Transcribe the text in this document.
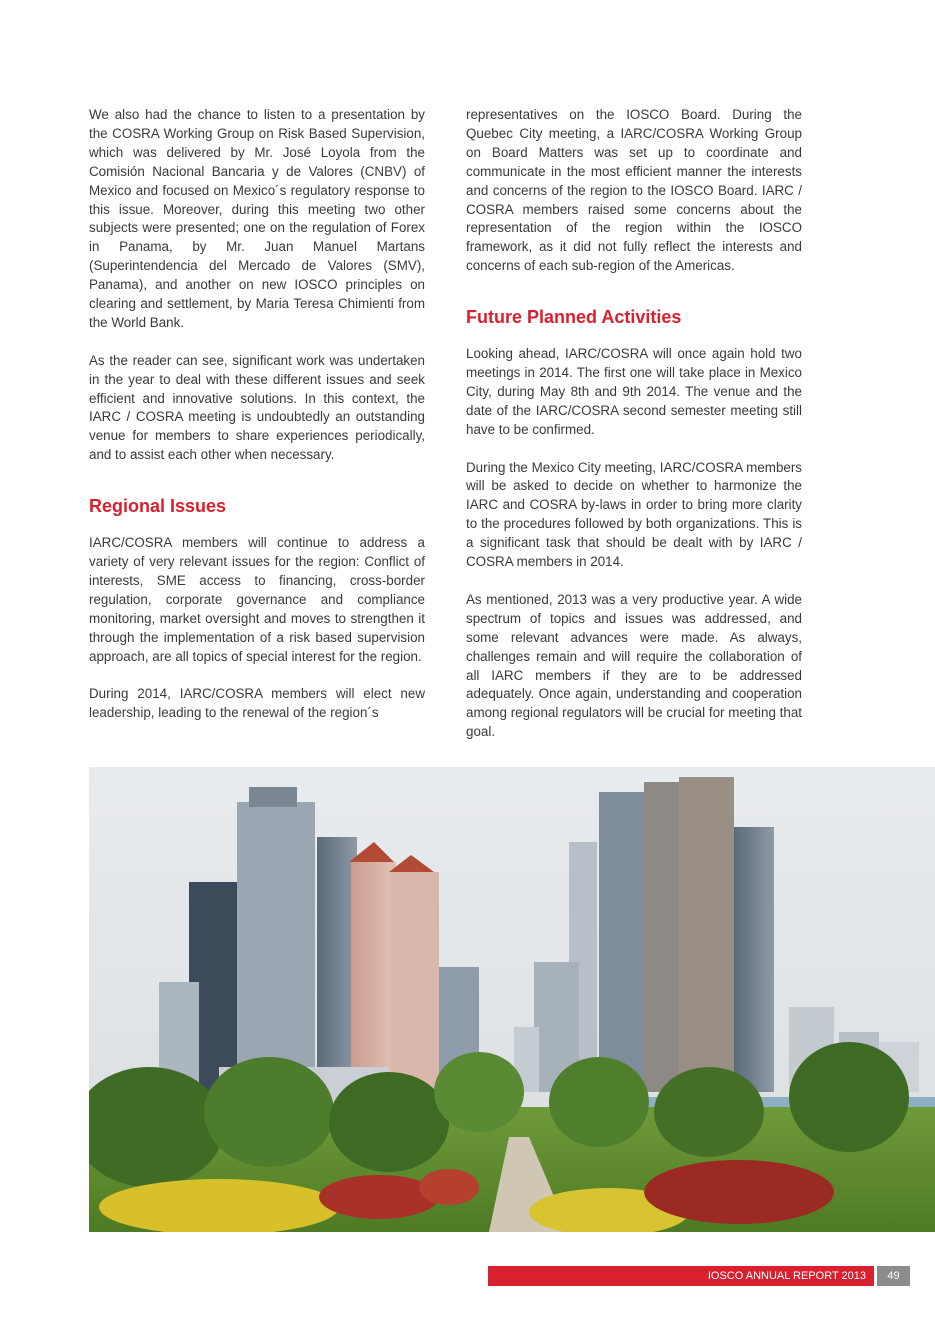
We also had the chance to listen to a presentation by the COSRA Working Group on Risk Based Supervision, which was delivered by Mr. José Loyola from the Comisión Nacional Bancaria y de Valores (CNBV) of Mexico and focused on Mexico´s regulatory response to this issue. Moreover, during this meeting two other subjects were presented; one on the regulation of Forex in Panama, by Mr. Juan Manuel Martans (Superintendencia del Mercado de Valores (SMV), Panama), and another on new IOSCO principles on clearing and settlement, by Maria Teresa Chimienti from the World Bank.

As the reader can see, significant work was undertaken in the year to deal with these different issues and seek efficient and innovative solutions. In this context, the IARC / COSRA meeting is undoubtedly an outstanding venue for members to share experiences periodically, and to assist each other when necessary.

Regional Issues

IARC/COSRA members will continue to address a variety of very relevant issues for the region: Conflict of interests, SME access to financing, cross-border regulation, corporate governance and compliance monitoring, market oversight and moves to strengthen it through the implementation of a risk based supervision approach, are all topics of special interest for the region.

During 2014, IARC/COSRA members will elect new leadership, leading to the renewal of the region´s

representatives on the IOSCO Board. During the Quebec City meeting, a IARC/COSRA Working Group on Board Matters was set up to coordinate and communicate in the most efficient manner the interests and concerns of the region to the IOSCO Board. IARC / COSRA members raised some concerns about the representation of the region within the IOSCO framework, as it did not fully reflect the interests and concerns of each sub-region of the Americas.

Future Planned Activities

Looking ahead, IARC/COSRA will once again hold two meetings in 2014. The first one will take place in Mexico City, during May 8th and 9th 2014. The venue and the date of the IARC/COSRA second semester meeting still have to be confirmed.

During the Mexico City meeting, IARC/COSRA members will be asked to decide on whether to harmonize the IARC and COSRA by-laws in order to bring more clarity to the procedures followed by both organizations. This is a significant task that should be dealt with by IARC / COSRA members in 2014.

As mentioned, 2013 was a very productive year. A wide spectrum of topics and issues was addressed, and some relevant advances were made. As always, challenges remain and will require the collaboration of all IARC members if they are to be addressed adequately. Once again, understanding and cooperation among regional regulators will be crucial for meeting that goal.

IOSCO ANNUAL REPORT 2013	49
